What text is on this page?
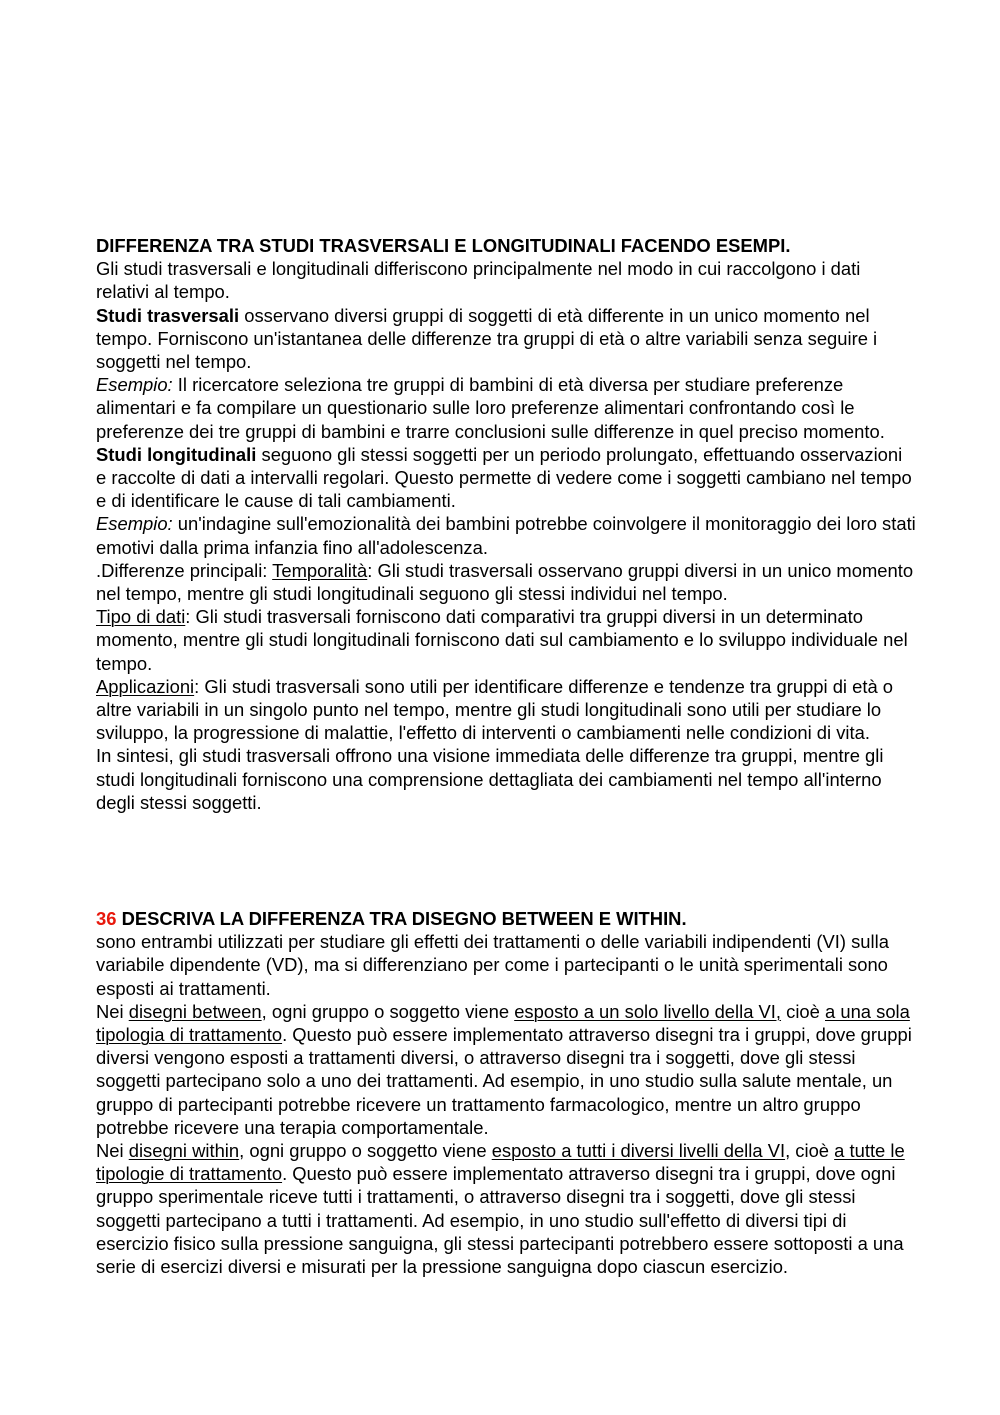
DIFFERENZA TRA STUDI TRASVERSALI E LONGITUDINALI FACENDO ESEMPI.

Gli studi trasversali e longitudinali differiscono principalmente nel modo in cui raccolgono i dati relativi al tempo.

Studi trasversali osservano diversi gruppi di soggetti di età differente in un unico momento nel tempo. Forniscono un'istantanea delle differenze tra gruppi di età o altre variabili senza seguire i soggetti nel tempo.

Esempio: Il ricercatore seleziona tre gruppi di bambini di età diversa per studiare preferenze alimentari e fa compilare un questionario sulle loro preferenze alimentari confrontando così le preferenze dei tre gruppi di bambini e trarre conclusioni sulle differenze in quel preciso momento.

Studi longitudinali seguono gli stessi soggetti per un periodo prolungato, effettuando osservazioni e raccolte di dati a intervalli regolari. Questo permette di vedere come i soggetti cambiano nel tempo e di identificare le cause di tali cambiamenti.

Esempio: un'indagine sull'emozionalità dei bambini potrebbe coinvolgere il monitoraggio dei loro stati emotivi dalla prima infanzia fino all'adolescenza.

.Differenze principali: Temporalità: Gli studi trasversali osservano gruppi diversi in un unico momento nel tempo, mentre gli studi longitudinali seguono gli stessi individui nel tempo.

Tipo di dati: Gli studi trasversali forniscono dati comparativi tra gruppi diversi in un determinato momento, mentre gli studi longitudinali forniscono dati sul cambiamento e lo sviluppo individuale nel tempo.

Applicazioni: Gli studi trasversali sono utili per identificare differenze e tendenze tra gruppi di età o altre variabili in un singolo punto nel tempo, mentre gli studi longitudinali sono utili per studiare lo sviluppo, la progressione di malattie, l'effetto di interventi o cambiamenti nelle condizioni di vita.

In sintesi, gli studi trasversali offrono una visione immediata delle differenze tra gruppi, mentre gli studi longitudinali forniscono una comprensione dettagliata dei cambiamenti nel tempo all'interno degli stessi soggetti.

36 DESCRIVA LA DIFFERENZA TRA DISEGNO BETWEEN E WITHIN.

sono entrambi utilizzati per studiare gli effetti dei trattamenti o delle variabili indipendenti (VI) sulla variabile dipendente (VD), ma si differenziano per come i partecipanti o le unità sperimentali sono esposti ai trattamenti.

Nei disegni between, ogni gruppo o soggetto viene esposto a un solo livello della VI, cioè a una sola tipologia di trattamento. Questo può essere implementato attraverso disegni tra i gruppi, dove gruppi diversi vengono esposti a trattamenti diversi, o attraverso disegni tra i soggetti, dove gli stessi soggetti partecipano solo a uno dei trattamenti. Ad esempio, in uno studio sulla salute mentale, un gruppo di partecipanti potrebbe ricevere un trattamento farmacologico, mentre un altro gruppo potrebbe ricevere una terapia comportamentale.

Nei disegni within, ogni gruppo o soggetto viene esposto a tutti i diversi livelli della VI, cioè a tutte le tipologie di trattamento. Questo può essere implementato attraverso disegni tra i gruppi, dove ogni gruppo sperimentale riceve tutti i trattamenti, o attraverso disegni tra i soggetti, dove gli stessi soggetti partecipano a tutti i trattamenti. Ad esempio, in uno studio sull'effetto di diversi tipi di esercizio fisico sulla pressione sanguigna, gli stessi partecipanti potrebbero essere sottoposti a una serie di esercizi diversi e misurati per la pressione sanguigna dopo ciascun esercizio.
